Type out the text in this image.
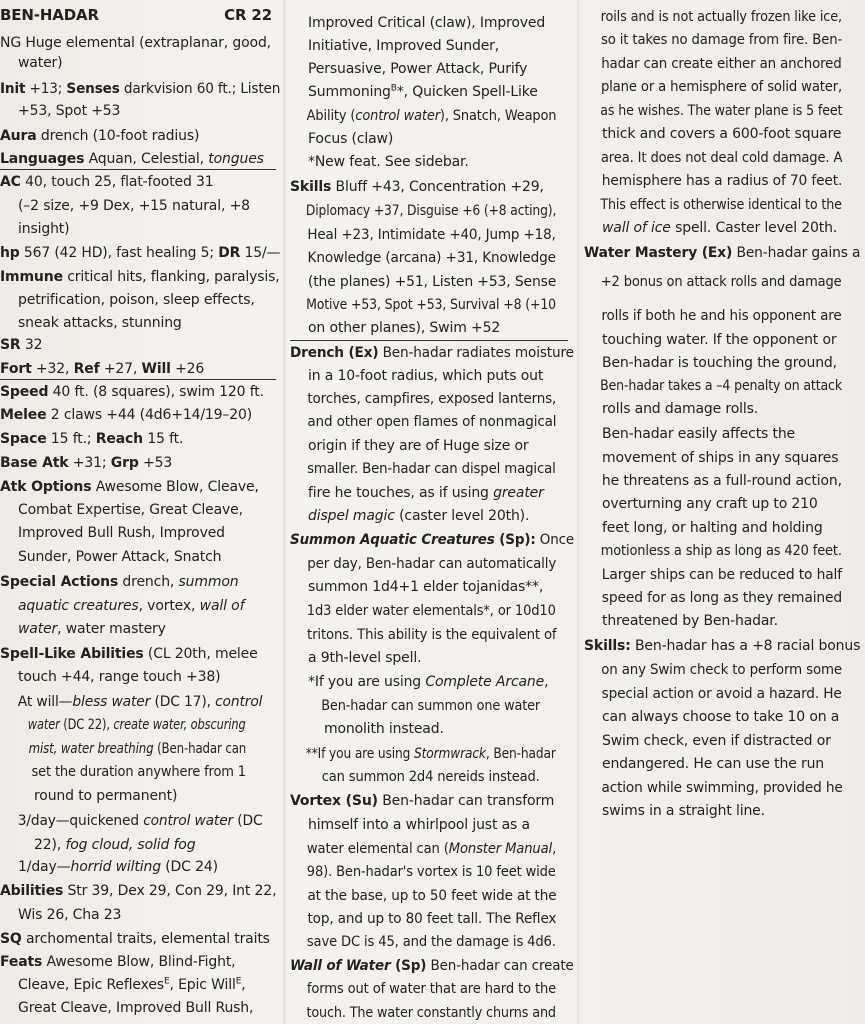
BEN-HADAR	CR 22
NG Huge elemental (extraplanar, good,
water)
Init +13; Senses darkvision 60 ft.; Listen
+53, Spot +53
Aura drench (10-foot radius)
Languages Aquan, Celestial, tongues
AC 40, touch 25, flat-footed 31
(–2 size, +9 Dex, +15 natural, +8
insight)
hp 567 (42 HD), fast healing 5; DR 15/—
Immune critical hits, flanking, paralysis,
petrification, poison, sleep effects,
sneak attacks, stunning
SR 32
Fort +32, Ref +27, Will +26
Speed 40 ft. (8 squares), swim 120 ft.
Melee 2 claws +44 (4d6+14/19–20)
Space 15 ft.; Reach 15 ft.
Base Atk +31; Grp +53
Atk Options Awesome Blow, Cleave,
Combat Expertise, Great Cleave,
Improved Bull Rush, Improved
Sunder, Power Attack, Snatch
Special Actions drench, summon
aquatic creatures, vortex, wall of
water, water mastery
Spell-Like Abilities (CL 20th, melee
touch +44, range touch +38)
At will—bless water (DC 17), control
water (DC 22), create water, obscuring
mist, water breathing (Ben-hadar can
set the duration anywhere from 1
round to permanent)
3/day—quickened control water (DC
22), fog cloud, solid fog
1/day—horrid wilting (DC 24)
Abilities Str 39, Dex 29, Con 29, Int 22,
Wis 26, Cha 23
SQ archomental traits, elemental traits
Feats Awesome Blow, Blind-Fight,
Cleave, Epic Reflexes$^E$, Epic Will$^E$,
Great Cleave, Improved Bull Rush,
Improved Critical (claw), Improved
Initiative, Improved Sunder,
Persuasive, Power Attack, Purify
Summoning$^B$*, Quicken Spell-Like
Ability (control water), Snatch, Weapon
Focus (claw)
*New feat. See sidebar.
Skills Bluff +43, Concentration +29,
Diplomacy +37, Disguise +6 (+8 acting),
Heal +23, Intimidate +40, Jump +18,
Knowledge (arcana) +31, Knowledge
(the planes) +51, Listen +53, Sense
Motive +53, Spot +53, Survival +8 (+10
on other planes), Swim +52
Drench (Ex) Ben-hadar radiates moisture
in a 10-foot radius, which puts out
torches, campfires, exposed lanterns,
and other open flames of nonmagical
origin if they are of Huge size or
smaller. Ben-hadar can dispel magical
fire he touches, as if using greater
dispel magic (caster level 20th).
Summon Aquatic Creatures (Sp): Once
per day, Ben-hadar can automatically
summon 1d4+1 elder tojanidas**,
1d3 elder water elementals*, or 10d10
tritons. This ability is the equivalent of
a 9th-level spell.
*If you are using Complete Arcane,
Ben-hadar can summon one water
monolith instead.
**If you are using Stormwrack, Ben-hadar
can summon 2d4 nereids instead.
Vortex (Su) Ben-hadar can transform
himself into a whirlpool just as a
water elemental can (Monster Manual,
98). Ben-hadar's vortex is 10 feet wide
at the base, up to 50 feet wide at the
top, and up to 80 feet tall. The Reflex
save DC is 45, and the damage is 4d6.
Wall of Water (Sp) Ben-hadar can create
forms out of water that are hard to the
touch. The water constantly churns and
roils and is not actually frozen like ice,
so it takes no damage from fire. Ben-
hadar can create either an anchored
plane or a hemisphere of solid water,
as he wishes. The water plane is 5 feet
thick and covers a 600-foot square
area. It does not deal cold damage. A
hemisphere has a radius of 70 feet.
This effect is otherwise identical to the
wall of ice spell. Caster level 20th.
Water Mastery (Ex) Ben-hadar gains a
+2 bonus on attack rolls and damage
rolls if both he and his opponent are
touching water. If the opponent or
Ben-hadar is touching the ground,
Ben-hadar takes a –4 penalty on attack
rolls and damage rolls.
Ben-hadar easily affects the
movement of ships in any squares
he threatens as a full-round action,
overturning any craft up to 210
feet long, or halting and holding
motionless a ship as long as 420 feet.
Larger ships can be reduced to half
speed for as long as they remained
threatened by Ben-hadar.
Skills: Ben-hadar has a +8 racial bonus
on any Swim check to perform some
special action or avoid a hazard. He
can always choose to take 10 on a
Swim check, even if distracted or
endangered. He can use the run
action while swimming, provided he
swims in a straight line.
